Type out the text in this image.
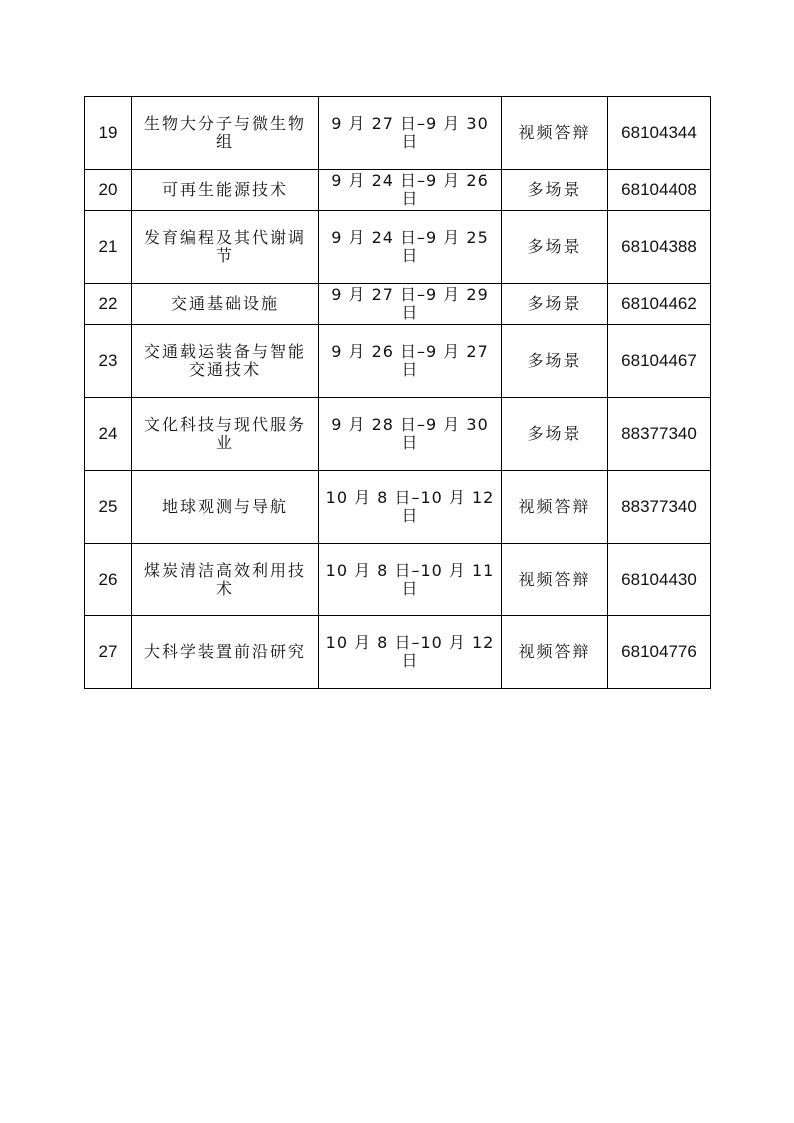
19	生物大分子与微生物组	9 月 27 日–9 月 30 日	视频答辩	68104344
20	可再生能源技术	9 月 24 日–9 月 26 日	多场景	68104408
21	发育编程及其代谢调节	9 月 24 日–9 月 25 日	多场景	68104388
22	交通基础设施	9 月 27 日–9 月 29 日	多场景	68104462
23	交通载运装备与智能交通技术	9 月 26 日–9 月 27 日	多场景	68104467
24	文化科技与现代服务业	9 月 28 日–9 月 30 日	多场景	88377340
25	地球观测与导航	10 月 8 日–10 月 12 日	视频答辩	88377340
26	煤炭清洁高效利用技术	10 月 8 日–10 月 11 日	视频答辩	68104430
27	大科学装置前沿研究	10 月 8 日–10 月 12 日	视频答辩	68104776
